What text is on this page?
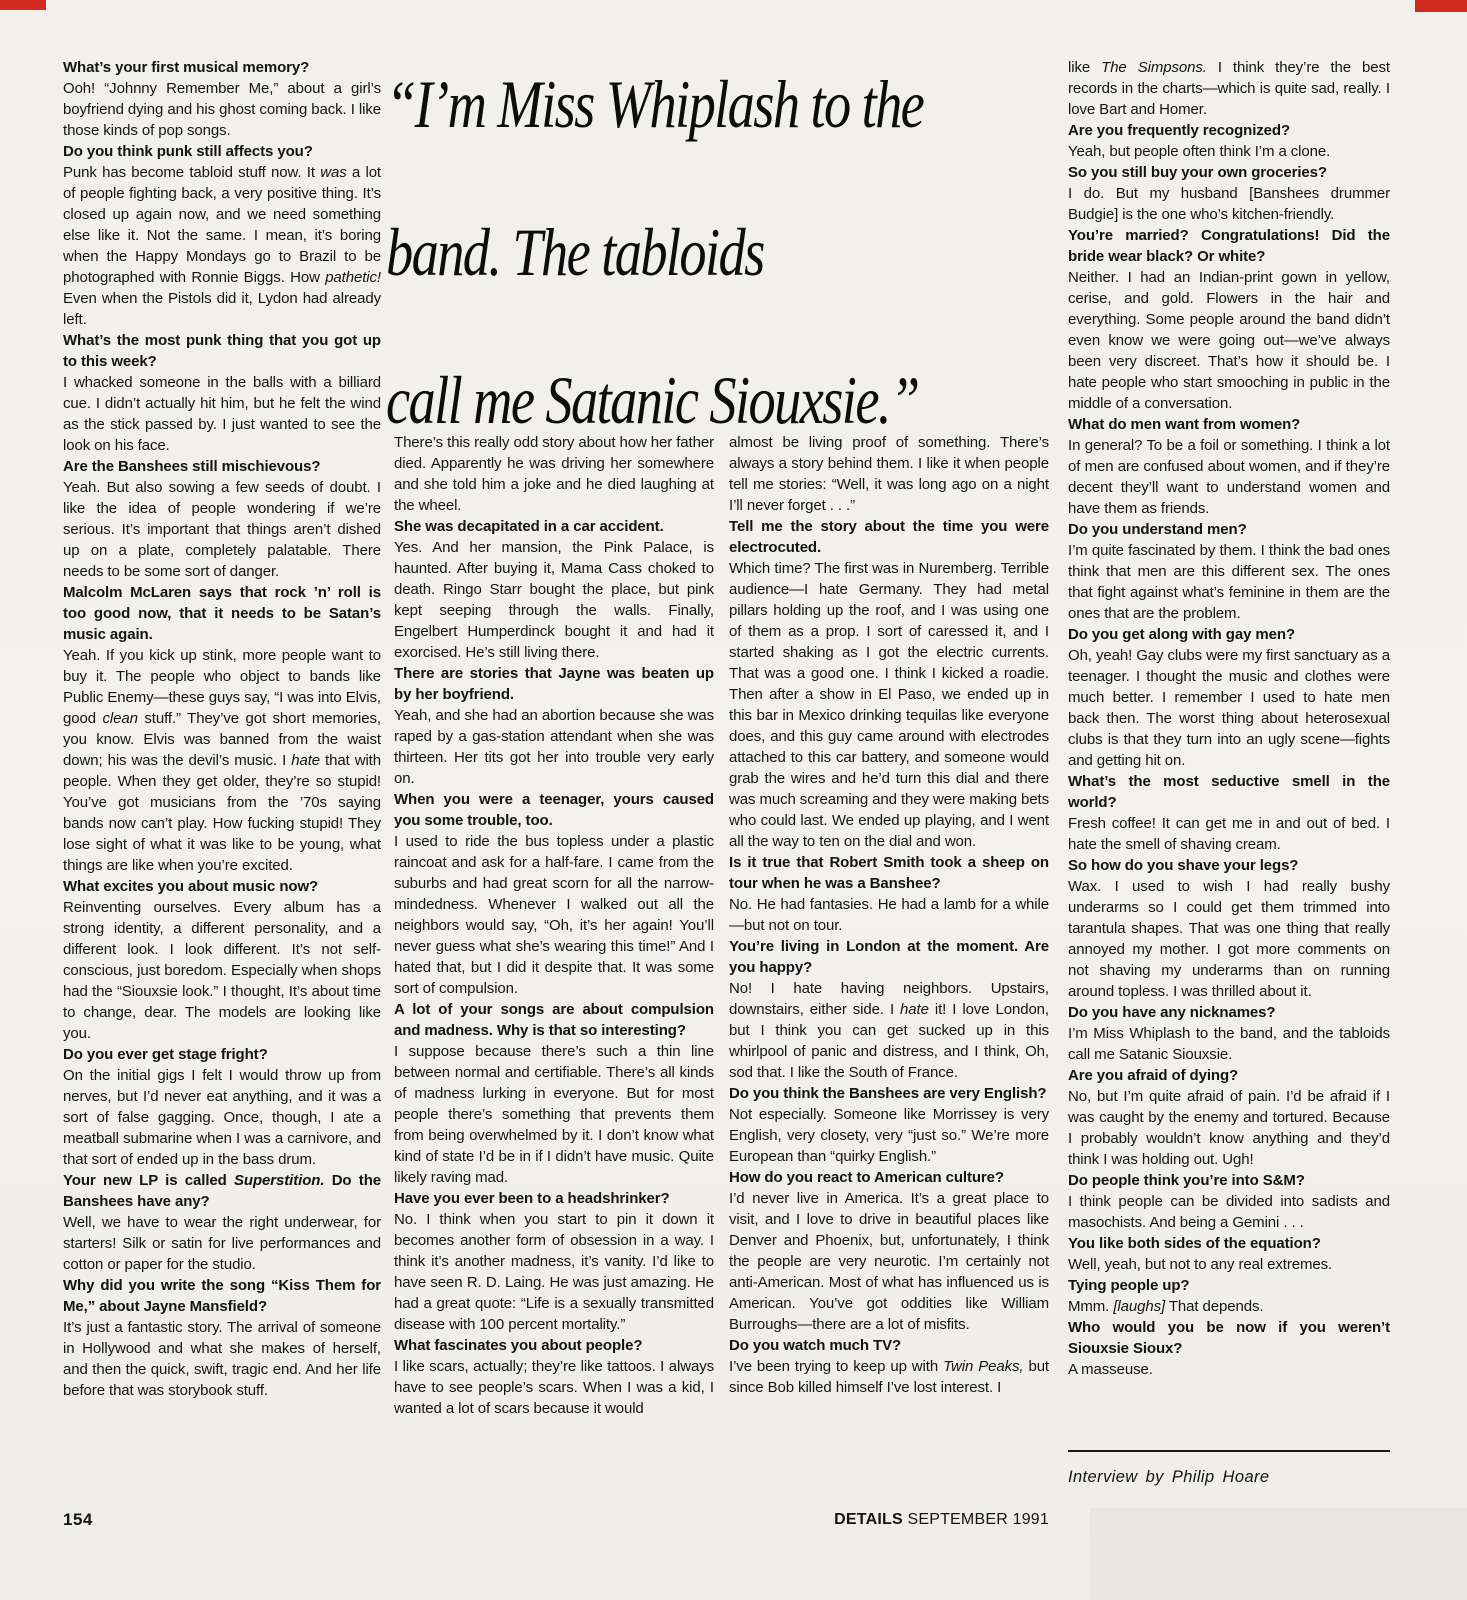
“I’m Miss Whiplash to the
band. The tabloids
call me Satanic Siouxsie.”

What’s your first musical memory?

Ooh! “Johnny Remember Me,” about a girl’s boyfriend dying and his ghost coming back. I like those kinds of pop songs.

Do you think punk still affects you?

Punk has become tabloid stuff now. It was a lot of people fighting back, a very positive thing. It’s closed up again now, and we need something else like it. Not the same. I mean, it’s boring when the Happy Mondays go to Brazil to be photographed with Ronnie Biggs. How pathetic! Even when the Pistols did it, Lydon had already left.

What’s the most punk thing that you got up to this week?

I whacked someone in the balls with a billiard cue. I didn’t actually hit him, but he felt the wind as the stick passed by. I just wanted to see the look on his face.

Are the Banshees still mischievous?

Yeah. But also sowing a few seeds of doubt. I like the idea of people wondering if we’re serious. It’s important that things aren’t dished up on a plate, completely palatable. There needs to be some sort of danger.

Malcolm McLaren says that rock ’n’ roll is too good now, that it needs to be Satan’s music again.

Yeah. If you kick up stink, more people want to buy it. The people who object to bands like Public Enemy—these guys say, “I was into Elvis, good clean stuff.” They’ve got short memories, you know. Elvis was banned from the waist down; his was the devil’s music. I hate that with people. When they get older, they’re so stupid! You’ve got musicians from the ’70s saying bands now can’t play. How fucking stupid! They lose sight of what it was like to be young, what things are like when you’re excited.

What excites you about music now?

Reinventing ourselves. Every album has a strong identity, a different personality, and a different look. I look different. It’s not self-conscious, just boredom. Especially when shops had the “Siouxsie look.” I thought, It’s about time to change, dear. The models are looking like you.

Do you ever get stage fright?

On the initial gigs I felt I would throw up from nerves, but I’d never eat anything, and it was a sort of false gagging. Once, though, I ate a meatball submarine when I was a carnivore, and that sort of ended up in the bass drum.

Your new LP is called Superstition. Do the Banshees have any?

Well, we have to wear the right underwear, for starters! Silk or satin for live performances and cotton or paper for the studio.

Why did you write the song “Kiss Them for Me,” about Jayne Mansfield?

It’s just a fantastic story. The arrival of someone in Hollywood and what she makes of herself, and then the quick, swift, tragic end. And her life before that was storybook stuff.

There’s this really odd story about how her father died. Apparently he was driving her somewhere and she told him a joke and he died laughing at the wheel.

She was decapitated in a car accident.

Yes. And her mansion, the Pink Palace, is haunted. After buying it, Mama Cass choked to death. Ringo Starr bought the place, but pink kept seeping through the walls. Finally, Engelbert Humperdinck bought it and had it exorcised. He’s still living there.

There are stories that Jayne was beaten up by her boyfriend.

Yeah, and she had an abortion because she was raped by a gas-station attendant when she was thirteen. Her tits got her into trouble very early on.

When you were a teenager, yours caused you some trouble, too.

I used to ride the bus topless under a plastic raincoat and ask for a half-fare. I came from the suburbs and had great scorn for all the narrow-mindedness. Whenever I walked out all the neighbors would say, “Oh, it’s her again! You’ll never guess what she’s wearing this time!” And I hated that, but I did it despite that. It was some sort of compulsion.

A lot of your songs are about compulsion and madness. Why is that so interesting?

I suppose because there’s such a thin line between normal and certifiable. There’s all kinds of madness lurking in everyone. But for most people there’s something that prevents them from being overwhelmed by it. I don’t know what kind of state I’d be in if I didn’t have music. Quite likely raving mad.

Have you ever been to a headshrinker?

No. I think when you start to pin it down it becomes another form of obsession in a way. I think it’s another madness, it’s vanity. I’d like to have seen R. D. Laing. He was just amazing. He had a great quote: “Life is a sexually transmitted disease with 100 percent mortality.”

What fascinates you about people?

I like scars, actually; they’re like tattoos. I always have to see people’s scars. When I was a kid, I wanted a lot of scars because it would

almost be living proof of something. There’s always a story behind them. I like it when people tell me stories: “Well, it was long ago on a night I’ll never forget . . .”

Tell me the story about the time you were electrocuted.

Which time? The first was in Nuremberg. Terrible audience—I hate Germany. They had metal pillars holding up the roof, and I was using one of them as a prop. I sort of caressed it, and I started shaking as I got the electric currents. That was a good one. I think I kicked a roadie. Then after a show in El Paso, we ended up in this bar in Mexico drinking tequilas like everyone does, and this guy came around with electrodes attached to this car battery, and someone would grab the wires and he’d turn this dial and there was much screaming and they were making bets who could last. We ended up playing, and I went all the way to ten on the dial and won.

Is it true that Robert Smith took a sheep on tour when he was a Banshee?

No. He had fantasies. He had a lamb for a while—but not on tour.

You’re living in London at the moment. Are you happy?

No! I hate having neighbors. Upstairs, downstairs, either side. I hate it! I love London, but I think you can get sucked up in this whirlpool of panic and distress, and I think, Oh, sod that. I like the South of France.

Do you think the Banshees are very English?

Not especially. Someone like Morrissey is very English, very closety, very “just so.” We’re more European than “quirky English.”

How do you react to American culture?

I’d never live in America. It’s a great place to visit, and I love to drive in beautiful places like Denver and Phoenix, but, unfortunately, I think the people are very neurotic. I’m certainly not anti-American. Most of what has influenced us is American. You’ve got oddities like William Burroughs—there are a lot of misfits.

Do you watch much TV?

I’ve been trying to keep up with Twin Peaks, but since Bob killed himself I’ve lost interest. I

like The Simpsons. I think they’re the best records in the charts—which is quite sad, really. I love Bart and Homer.

Are you frequently recognized?

Yeah, but people often think I’m a clone.

So you still buy your own groceries?

I do. But my husband [Banshees drummer Budgie] is the one who’s kitchen-friendly.

You’re married? Congratulations! Did the bride wear black? Or white?

Neither. I had an Indian-print gown in yellow, cerise, and gold. Flowers in the hair and everything. Some people around the band didn’t even know we were going out—we’ve always been very discreet. That’s how it should be. I hate people who start smooching in public in the middle of a conversation.

What do men want from women?

In general? To be a foil or something. I think a lot of men are confused about women, and if they’re decent they’ll want to understand women and have them as friends.

Do you understand men?

I’m quite fascinated by them. I think the bad ones think that men are this different sex. The ones that fight against what’s feminine in them are the ones that are the problem.

Do you get along with gay men?

Oh, yeah! Gay clubs were my first sanctuary as a teenager. I thought the music and clothes were much better. I remember I used to hate men back then. The worst thing about heterosexual clubs is that they turn into an ugly scene—fights and getting hit on.

What’s the most seductive smell in the world?

Fresh coffee! It can get me in and out of bed. I hate the smell of shaving cream.

So how do you shave your legs?

Wax. I used to wish I had really bushy underarms so I could get them trimmed into tarantula shapes. That was one thing that really annoyed my mother. I got more comments on not shaving my underarms than on running around topless. I was thrilled about it.

Do you have any nicknames?

I’m Miss Whiplash to the band, and the tabloids call me Satanic Siouxsie.

Are you afraid of dying?

No, but I’m quite afraid of pain. I’d be afraid if I was caught by the enemy and tortured. Because I probably wouldn’t know anything and they’d think I was holding out. Ugh!

Do people think you’re into S&M?

I think people can be divided into sadists and masochists. And being a Gemini . . .

You like both sides of the equation?

Well, yeah, but not to any real extremes.

Tying people up?

Mmm. [laughs] That depends.

Who would you be now if you weren’t Siouxsie Sioux?

A masseuse.

Interview by Philip Hoare
154	DETAILS SEPTEMBER 1991
